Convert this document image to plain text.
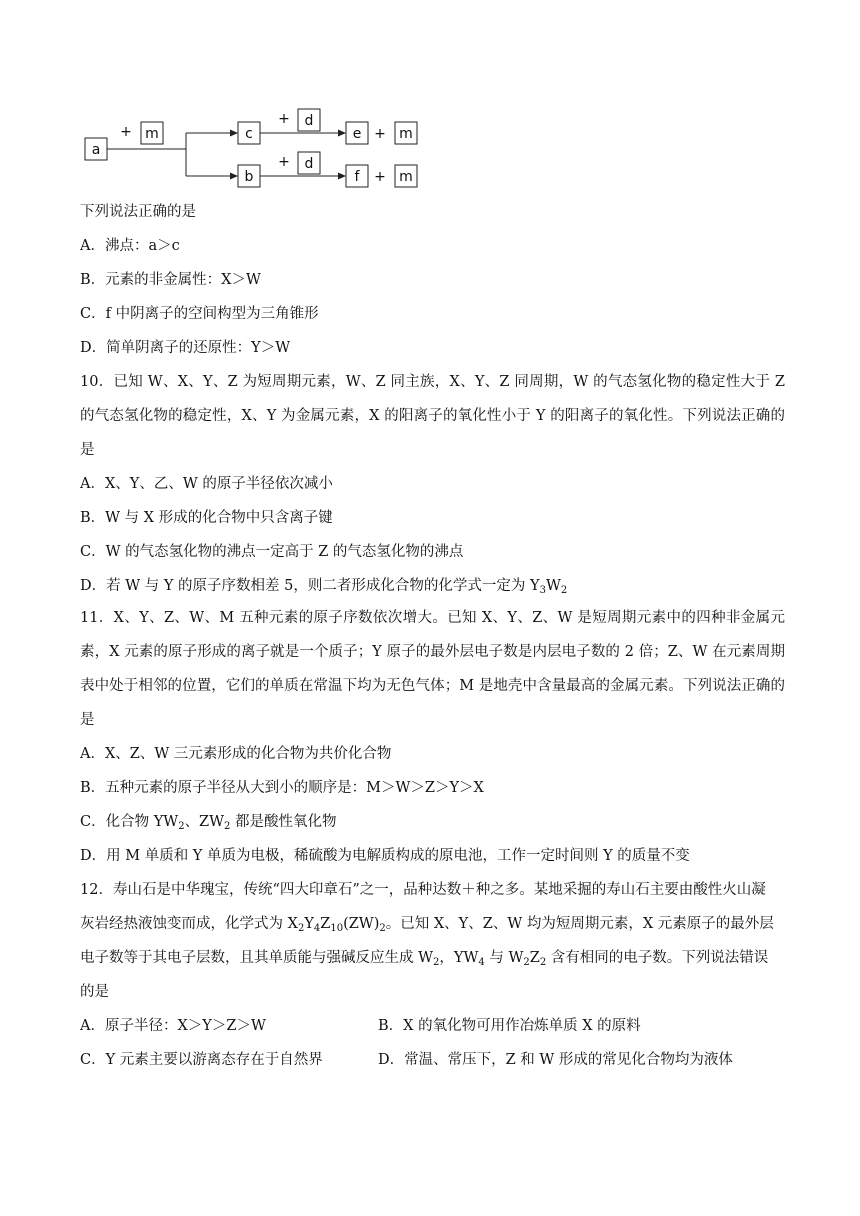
a
m	c
b
d
d
e
f
m
m
+
+
+
+
+
下列说法正确的是
A．沸点：a＞c
B．元素的非金属性：X＞W
C．f 中阴离子的空间构型为三角锥形
D．简单阴离子的还原性：Y＞W
10．已知 W、X、Y、Z 为短周期元素，W、Z 同主族，X、Y、Z 同周期，W 的气态氢化物的稳定性大于 Z 的气态氢化物的稳定性，X、Y 为金属元素，X 的阳离子的氧化性小于 Y 的阳离子的氧化性。下列说法正确的是
A．X、Y、乙、W 的原子半径依次减小
B．W 与 X 形成的化合物中只含离子键
C．W 的气态氢化物的沸点一定高于 Z 的气态氢化物的沸点
D．若 W 与 Y 的原子序数相差 5，则二者形成化合物的化学式一定为 $Y_3W_2$
11．X、Y、Z、W、M 五种元素的原子序数依次增大。已知 X、Y、Z、W 是短周期元素中的四种非金属元素，X 元素的原子形成的离子就是一个质子；Y 原子的最外层电子数是内层电子数的 2 倍；Z、W 在元素周期表中处于相邻的位置，它们的单质在常温下均为无色气体；M 是地壳中含量最高的金属元素。下列说法正确的是
A．X、Z、W 三元素形成的化合物为共价化合物
B．五种元素的原子半径从大到小的顺序是：M＞W＞Z＞Y＞X
C．化合物 $YW_2$、$ZW_2$ 都是酸性氧化物
D．用 M 单质和 Y 单质为电极，稀硫酸为电解质构成的原电池，工作一定时间则 Y 的质量不变
12．寿山石是中华瑰宝，传统“四大印章石”之一，品种达数＋种之多。某地采掘的寿山石主要由酸性火山凝
灰岩经热液蚀变而成，化学式为 $X_2Y_4Z_{10}(ZW)_2$。已知 X、Y、Z、W 均为短周期元素，X 元素原子的最外层
电子数等于其电子层数，且其单质能与强碱反应生成 $W_2$，$YW_4$ 与 $W_2Z_2$ 含有相同的电子数。下列说法错误
的是
A．原子半径：X＞Y＞Z＞W	B．X 的氧化物可用作冶炼单质 X 的原料
C．Y 元素主要以游离态存在于自然界	D．常温、常压下，Z 和 W 形成的常见化合物均为液体
